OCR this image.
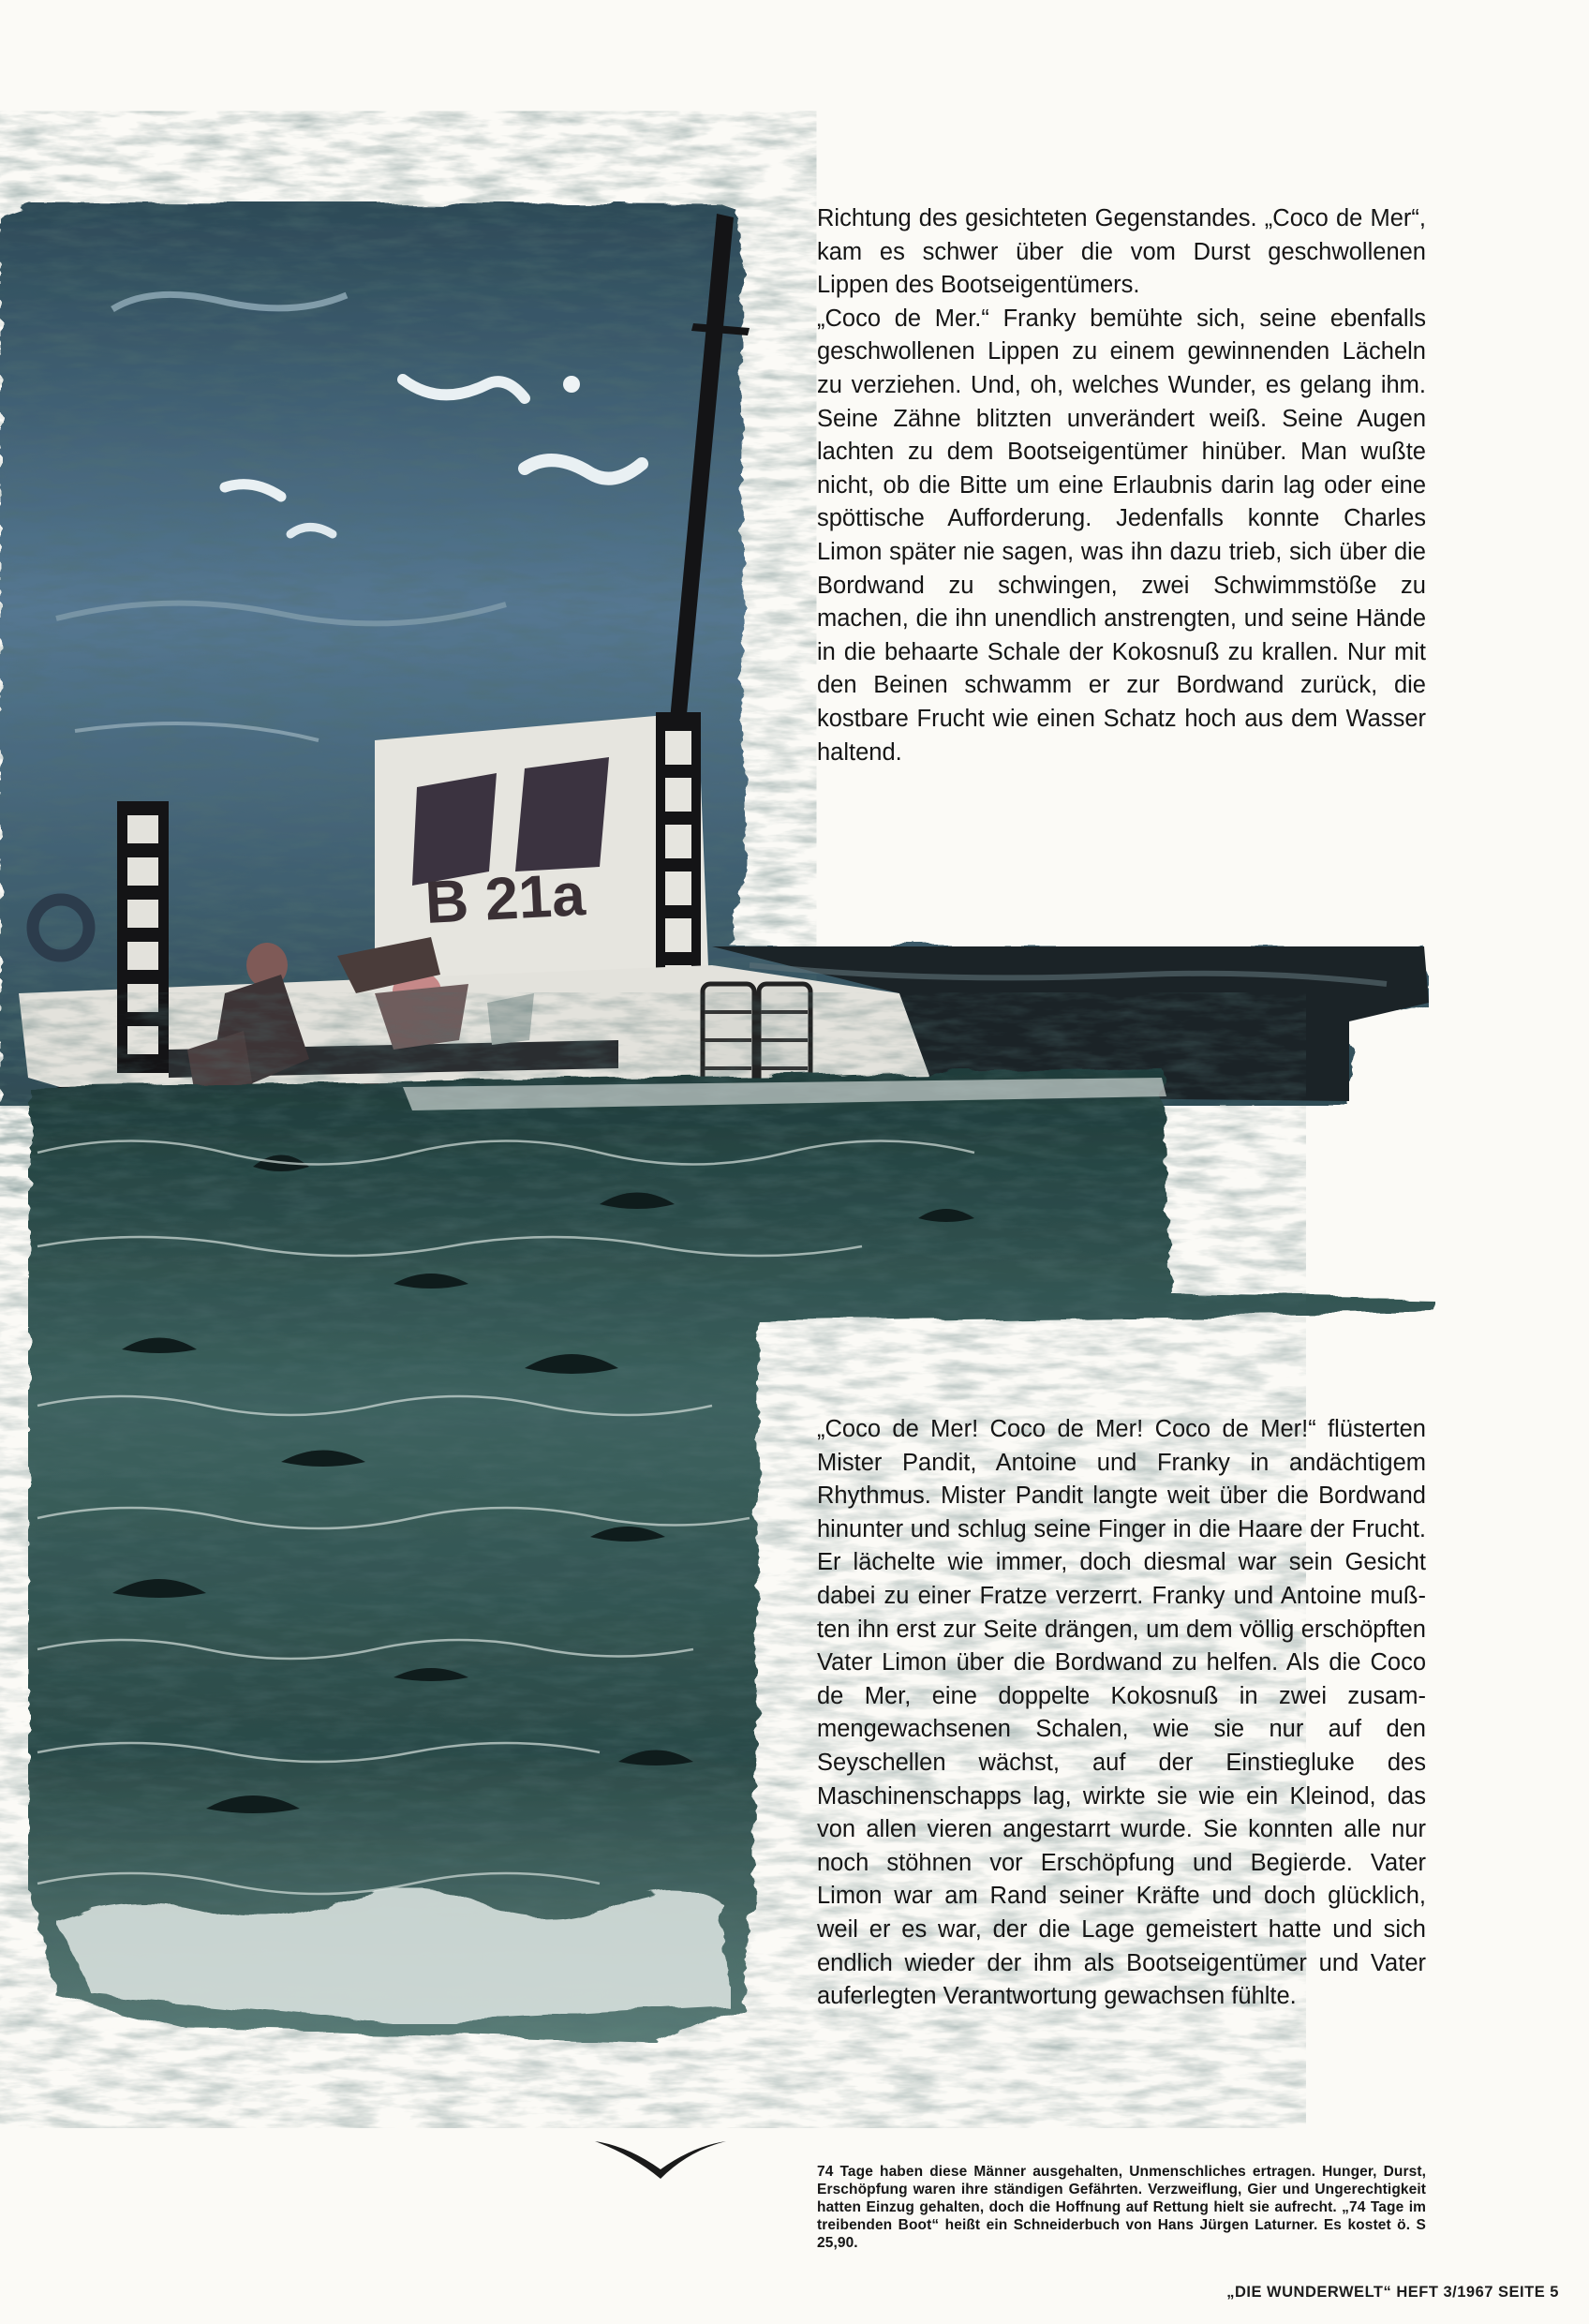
B 21a

Richtung des gesichteten Gegenstandes. „Coco de Mer“, kam es schwer über die vom Durst geschwollenen Lippen des Bootseigentümers.

„Coco de Mer.“ Franky bemühte sich, seine ebenfalls geschwollenen Lippen zu einem gewinnenden Lächeln zu verziehen. Und, oh, welches Wunder, es gelang ihm. Seine Zähne blitzten unverändert weiß. Seine Augen lachten zu dem Bootseigentümer hinüber. Man wußte nicht, ob die Bitte um eine Erlaubnis darin lag oder eine spöttische Aufforderung. Jedenfalls konnte Charles Limon später nie sagen, was ihn dazu trieb, sich über die Bordwand zu schwingen, zwei Schwimmstöße zu machen, die ihn unendlich anstrengten, und seine Hände in die behaarte Schale der Kokosnuß zu krallen. Nur mit den Beinen schwamm er zur Bordwand zurück, die kostbare Frucht wie einen Schatz hoch aus dem Wasser haltend.

„Coco de Mer! Coco de Mer! Coco de Mer!“ flüsterten Mister Pandit, Antoine und Franky in andächtigem Rhythmus. Mister Pandit langte weit über die Bordwand hinunter und schlug seine Finger in die Haare der Frucht. Er lächelte wie immer, doch diesmal war sein Gesicht dabei zu einer Fratze verzerrt. Franky und Antoine mußten ihn erst zur Seite drängen, um dem völlig erschöpften Vater Limon über die Bordwand zu helfen. Als die Coco de Mer, eine doppelte Kokosnuß in zwei zusammengewachsenen Schalen, wie sie nur auf den Seyschellen wächst, auf der Einstiegluke des Maschinenschapps lag, wirkte sie wie ein Kleinod, das von allen vieren angestarrt wurde. Sie konnten alle nur noch stöhnen vor Erschöpfung und Begierde. Vater Limon war am Rand seiner Kräfte und doch glücklich, weil er es war, der die Lage gemeistert hatte und sich endlich wieder der ihm als Bootseigentümer und Vater auferlegten Verantwortung gewachsen fühlte.

74 Tage haben diese Männer ausgehalten, Unmenschliches ertragen. Hunger, Durst, Erschöpfung waren ihre ständigen Gefährten. Verzweiflung, Gier und Ungerechtigkeit hatten Einzug gehalten, doch die Hoffnung auf Rettung hielt sie aufrecht. „74 Tage im treibenden Boot“ heißt ein Schneiderbuch von Hans Jürgen Laturner. Es kostet ö. S 25,90.
„DIE WUNDERWELT“ HEFT 3/1967 SEITE 5
